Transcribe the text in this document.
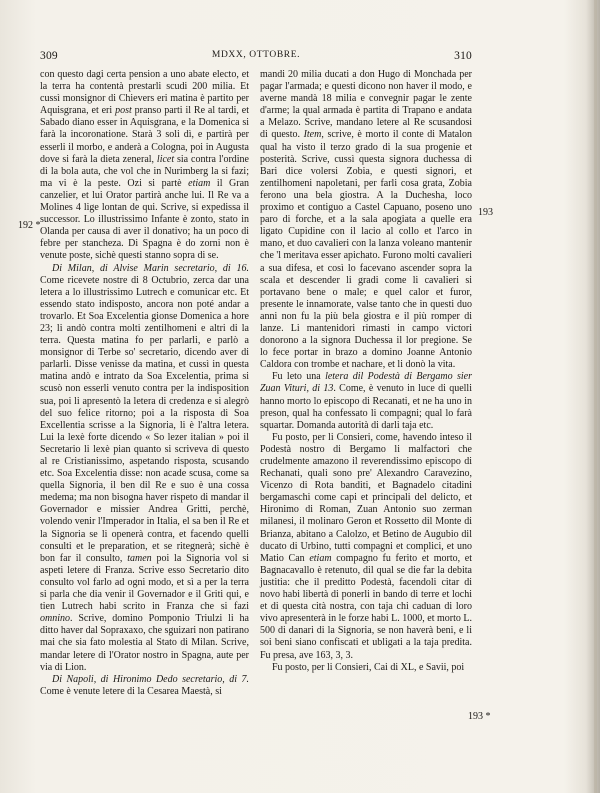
309	MDXX, OTTOBRE.	310
192 *
193
193 *

con questo dagi certa pension a uno abate electo, et la terra ha contentà prestarli scudi 200 milia. Et cussì monsignor di Chievers eri matina è partito per Aquisgrana, et eri post pranso parti il Re al tardi, et Sabado diano esser in Aquisgrana, e la Domenica si farà la incoronatione. Starà 3 soli dì, e partirà per esserli il morbo, e anderà a Cologna, poi in Augusta dove si farà la dieta zeneral, licet sia contra l'ordine di la bola auta, che vol che in Nurimberg la si fazi; ma vi è la peste. Ozi si partè etiam il Gran canzelier, et lui Orator partirà anche lui. Il Re va a Molines 4 lige lontan de qui. Scrive, si expedissa il successor. Lo illustrissimo Infante è zonto, stato in Olanda per causa di aver il donativo; ha un poco di febre per stancheza. Di Spagna è do zorni non è venute poste, sichè questi stanno sopra di se.

Di Milan, di Alvise Marin secretario, di 16. Come ricevete nostre di 8 Octubrio, zerca dar una letera a lo illustrissimo Lutrech e comunicar etc. Et essendo stato indisposto, ancora non poté andar a trovarlo. Et Soa Excelentia gionse Domenica a hore 23; li andò contra molti zentilhomeni e altri di la terra. Questa matina fo per parlarli, e parlò a monsignor di Terbe so' secretario, dicendo aver di parlarli. Disse venisse da matina, et cussì in questa matina andò e intrato da Soa Excelentia, prima si scusò non esserli venuto contra per la indisposition sua, poi li apresentò la letera di credenza e si alegrò del suo felice ritorno; poi a la risposta di Soa Excellentia scrisse a la Signoria, li è l'altra letera. Lui la lexè forte dicendo « So lezer italian » poi il Secretario li lexè pian quanto si scriveva di questo al re Cristianissimo, aspetando risposta, scusando etc. Soa Excelentia disse: non acade scusa, come sa quella Signoria, il ben dil Re e suo è una cossa medema; ma non bisogna haver rispeto di mandar il Governador e missier Andrea Gritti, perchè, volendo venir l'Imperador in Italia, el sa ben il Re et la Signoria se li openerà contra, et facendo quelli consulti et le preparation, et se ritegnerà; sichè è bon far il consulto, tamen poi la Signoria vol si aspeti letere di Franza. Scrive esso Secretario dito consulto vol farlo ad ogni modo, et sì a per la terra si parla che dia venir il Governador e il Griti qui, e tien Lutrech habi scrito in Franza che si fazi omnino. Scrive, domino Pomponio Triulzi li ha ditto haver dal Sopraxaxo, che sguizari non patirano mai che sia fato molestia al Stato di Milan. Scrive, mandar letere di l'Orator nostro in Spagna, aute per via di Lion.

Di Napoli, di Hironimo Dedo secretario, di 7. Come è venute letere di la Cesarea Maestà, si

mandi 20 milia ducati a don Hugo di Monchada per pagar l'armada; e questi dicono non haver il modo, e averne mandà 18 milia e convegnir pagar le zente d'arme; la qual armada è partita di Trapano e andata a Melazo. Scrive, mandano letere al Re scusandosi di questo. Item, scrive, è morto il conte di Matalon qual ha visto il terzo grado di la sua progenie et posterità. Scrive, cussì questa signora duchessa di Bari dice volersi Zobia, e questi signori, et zentilhomeni napoletani, per farli cosa grata, Zobia ferono una bela giostra. A la Duchesha, loco proximo et contiguo a Castel Capuano, poseno uno paro di forche, et a la sala apogiata a quelle era ligato Cupidine con il lacio al collo et l'arco in mano, et duo cavalieri con la lanza voleano mantenir che 'l meritava esser apichato. Furono molti cavalieri a sua difesa, et così lo facevano ascender sopra la scala et descender li gradi come li cavalieri si portavano bene o male; e quel calor et furor, presente le innamorate, valse tanto che in questi duo anni non fu la più bela giostra e il più romper di lanze. Li mantenidori rimasti in campo victori donorono a la signora Duchessa il lor pregione. Se lo fece portar in brazo a domino Joanne Antonio Caldora con trombe et nachare, et li donò la vita.

Fu leto una letera dil Podestà di Bergamo sier Zuan Vituri, di 13. Come, è venuto in luce di quelli hanno morto lo episcopo di Recanati, et ne ha uno in preson, qual ha confessato li compagni; qual lo farà squartar. Domanda autorità di darli taja etc.

Fu posto, per li Consieri, come, havendo inteso il Podestà nostro di Bergamo li malfactori che crudelmente amazono il reverendissimo episcopo di Rechanati, quali sono pre' Alexandro Caravezino, Vicenzo di Rota banditi, et Bagnadelo citadini bergamaschi come capi et principali del delicto, et Hironimo di Roman, Zuan Antonio suo zerman milanesi, il molinaro Geron et Rossetto dil Monte di Brianza, abitano a Calolzo, et Betino de Augubio dil ducato di Urbino, tutti compagni et complici, et uno Matio Can etiam compagno fu ferito et morto, et Bagnacavallo è retenuto, dil qual se die far la debita justitia: che il preditto Podestà, facendoli citar di novo habi libertà di ponerli in bando di terre et lochi et di questa cità nostra, con taja chi caduan di loro vivo apresenterà in le forze habi L. 1000, et morto L. 500 di danari di la Signoria, se non haverà beni, e li soi beni siano confiscati et ubligati a la taja predita. Fu presa, ave 163, 3, 3.

Fu posto, per li Consieri, Cai di XL, e Savii, poi
